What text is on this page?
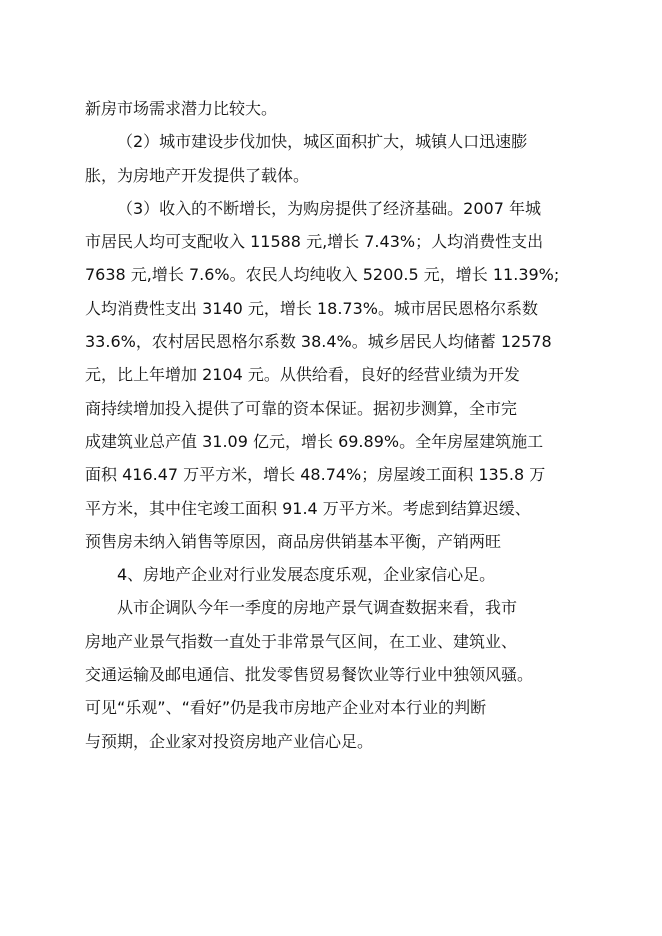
新房市场需求潜力比较大。
（2）城市建设步伐加快，城区面积扩大，城镇人口迅速膨
胀，为房地产开发提供了载体。
（3）收入的不断增长，为购房提供了经济基础。2007 年城
市居民人均可支配收入 11588 元,增长 7.43%；人均消费性支出
7638 元,增长 7.6%。农民人均纯收入 5200.5 元，增长 11.39%;
人均消费性支出 3140 元，增长 18.73%。城市居民恩格尔系数
33.6%，农村居民恩格尔系数 38.4%。城乡居民人均储蓄 12578
元，比上年增加 2104 元。从供给看，良好的经营业绩为开发
商持续增加投入提供了可靠的资本保证。据初步测算，全市完
成建筑业总产值 31.09 亿元，增长 69.89%。全年房屋建筑施工
面积 416.47 万平方米，增长 48.74%；房屋竣工面积 135.8 万
平方米，其中住宅竣工面积 91.4 万平方米。考虑到结算迟缓、
预售房未纳入销售等原因，商品房供销基本平衡，产销两旺
4、房地产企业对行业发展态度乐观，企业家信心足。
从市企调队今年一季度的房地产景气调查数据来看，我市
房地产业景气指数一直处于非常景气区间，在工业、建筑业、
交通运输及邮电通信、批发零售贸易餐饮业等行业中独领风骚。
可见“乐观”、“看好”仍是我市房地产企业对本行业的判断
与预期，企业家对投资房地产业信心足。
